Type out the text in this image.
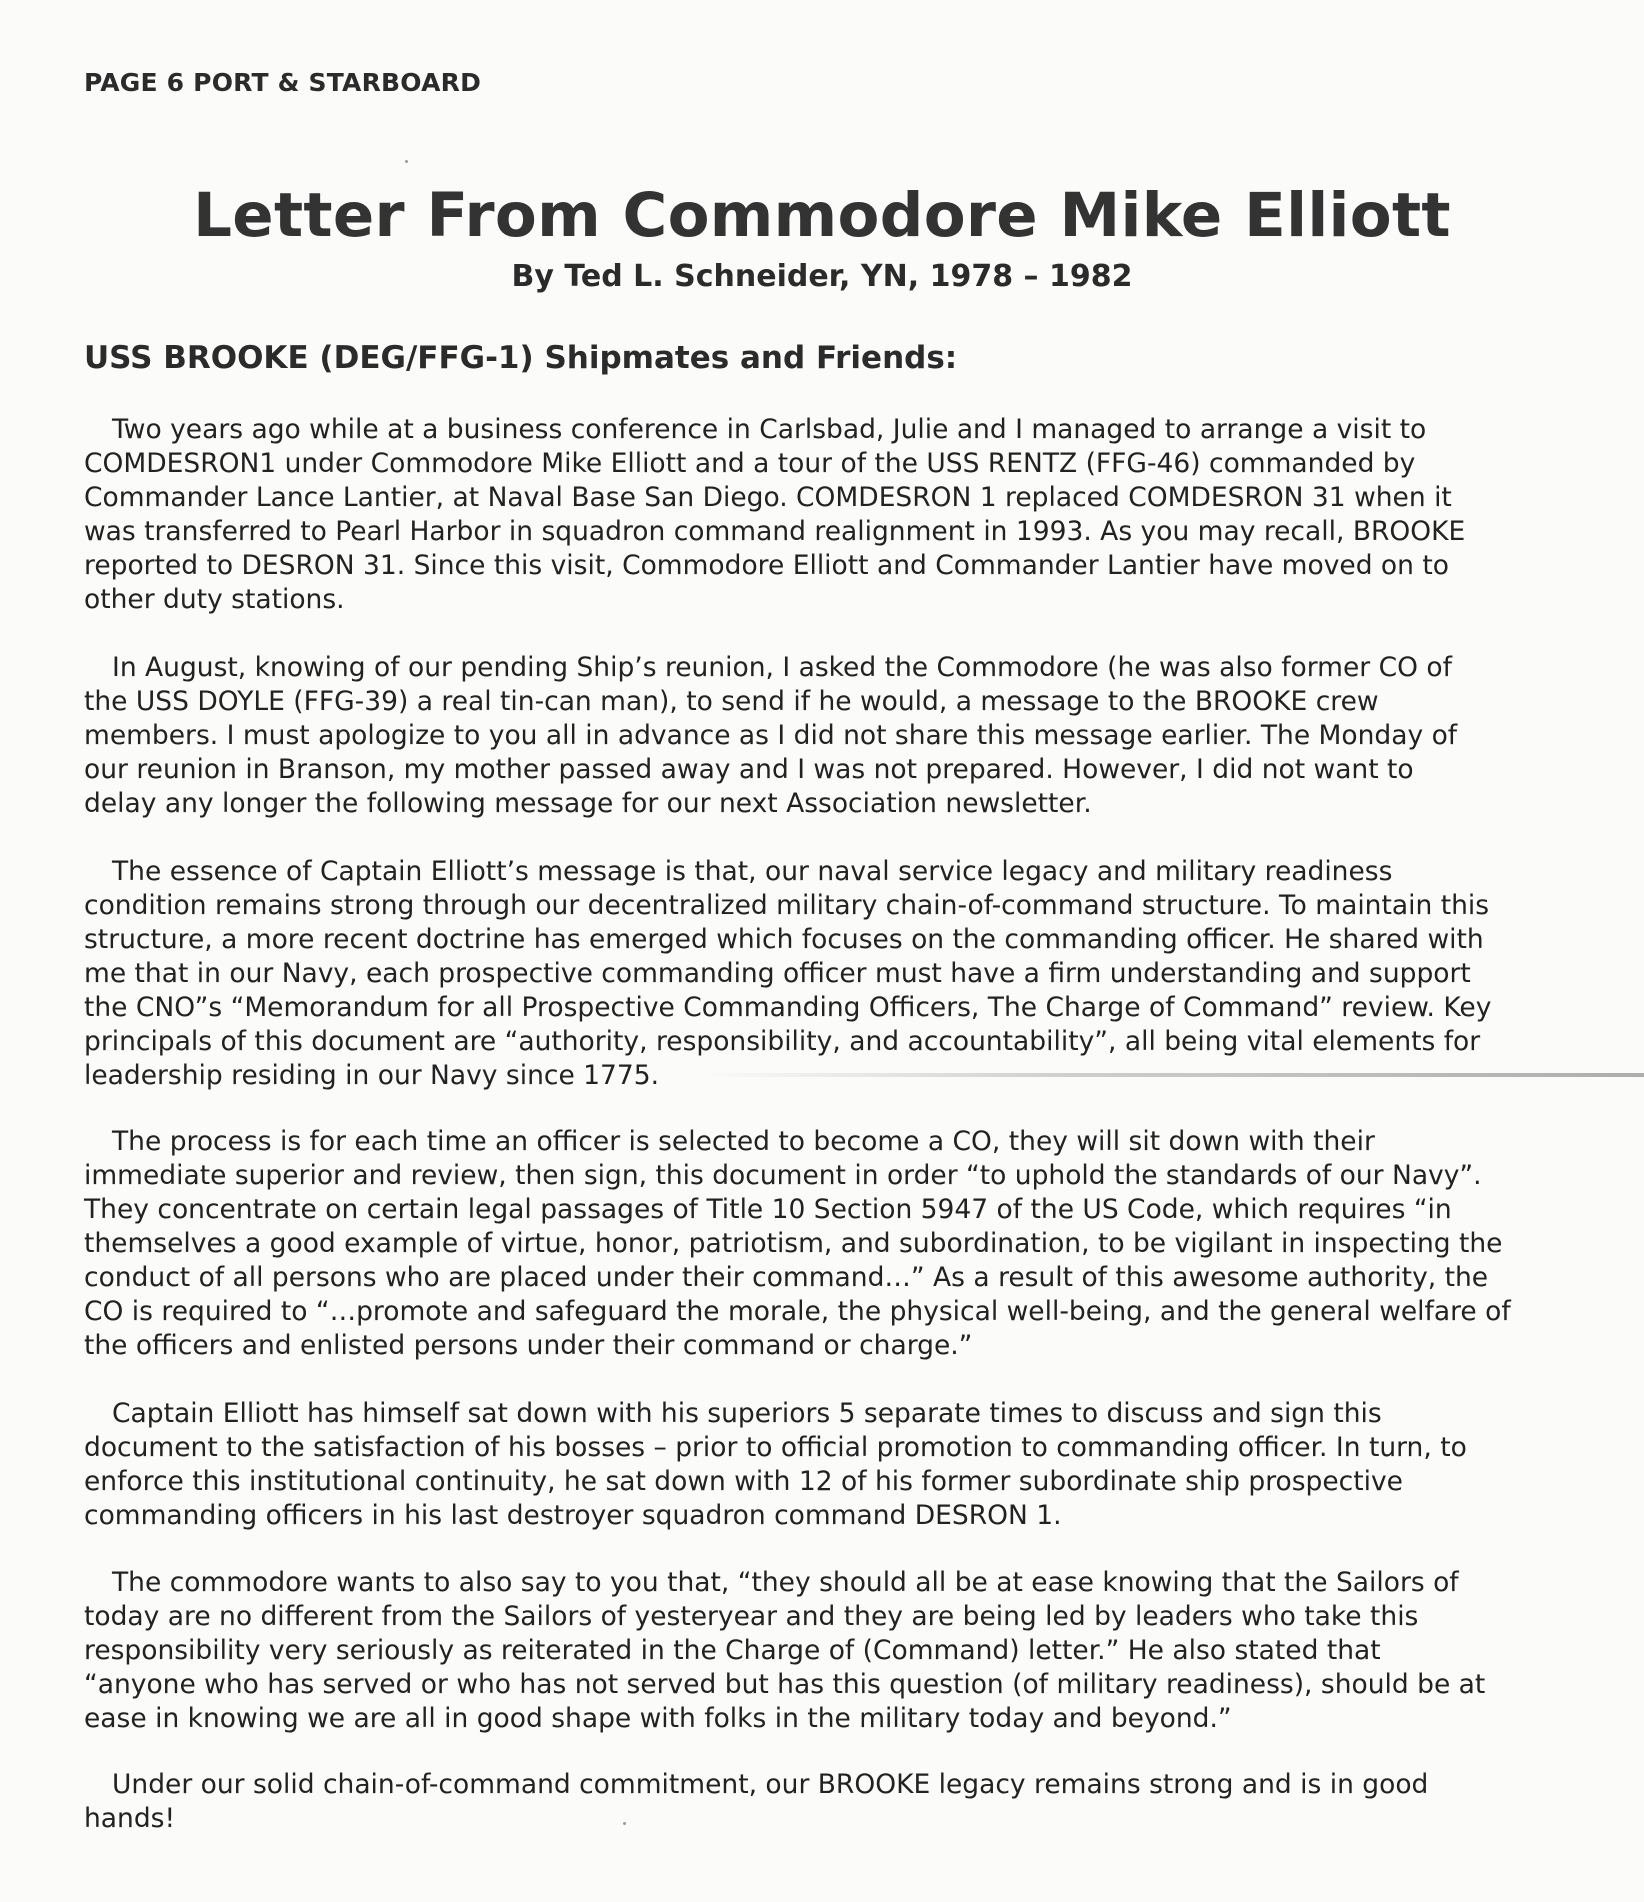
PAGE 6 PORT & STARBOARD
Letter From Commodore Mike Elliott
By Ted L. Schneider, YN, 1978 – 1982
USS BROOKE (DEG/FFG-1) Shipmates and Friends:
Two years ago while at a business conference in Carlsbad, Julie and I managed to arrange a visit to
COMDESRON1 under Commodore Mike Elliott and a tour of the USS RENTZ (FFG-46) commanded by
Commander Lance Lantier, at Naval Base San Diego. COMDESRON 1 replaced COMDESRON 31 when it
was transferred to Pearl Harbor in squadron command realignment in 1993. As you may recall, BROOKE
reported to DESRON 31. Since this visit, Commodore Elliott and Commander Lantier have moved on to
other duty stations.
In August, knowing of our pending Ship’s reunion, I asked the Commodore (he was also former CO of
the USS DOYLE (FFG-39) a real tin-can man), to send if he would, a message to the BROOKE crew
members. I must apologize to you all in advance as I did not share this message earlier. The Monday of
our reunion in Branson, my mother passed away and I was not prepared. However, I did not want to
delay any longer the following message for our next Association newsletter.
The essence of Captain Elliott’s message is that, our naval service legacy and military readiness
condition remains strong through our decentralized military chain-of-command structure. To maintain this
structure, a more recent doctrine has emerged which focuses on the commanding officer. He shared with
me that in our Navy, each prospective commanding officer must have a firm understanding and support
the CNO”s “Memorandum for all Prospective Commanding Officers, The Charge of Command” review. Key
principals of this document are “authority, responsibility, and accountability”, all being vital elements for
leadership residing in our Navy since 1775.
The process is for each time an officer is selected to become a CO, they will sit down with their
immediate superior and review, then sign, this document in order “to uphold the standards of our Navy”.
They concentrate on certain legal passages of Title 10 Section 5947 of the US Code, which requires “in
themselves a good example of virtue, honor, patriotism, and subordination, to be vigilant in inspecting the
conduct of all persons who are placed under their command…” As a result of this awesome authority, the
CO is required to “…promote and safeguard the morale, the physical well-being, and the general welfare of
the officers and enlisted persons under their command or charge.”
Captain Elliott has himself sat down with his superiors 5 separate times to discuss and sign this
document to the satisfaction of his bosses – prior to official promotion to commanding officer. In turn, to
enforce this institutional continuity, he sat down with 12 of his former subordinate ship prospective
commanding officers in his last destroyer squadron command DESRON 1.
The commodore wants to also say to you that, “they should all be at ease knowing that the Sailors of
today are no different from the Sailors of yesteryear and they are being led by leaders who take this
responsibility very seriously as reiterated in the Charge of (Command) letter.” He also stated that
“anyone who has served or who has not served but has this question (of military readiness), should be at
ease in knowing we are all in good shape with folks in the military today and beyond.”
Under our solid chain-of-command commitment, our BROOKE legacy remains strong and is in good
hands!
